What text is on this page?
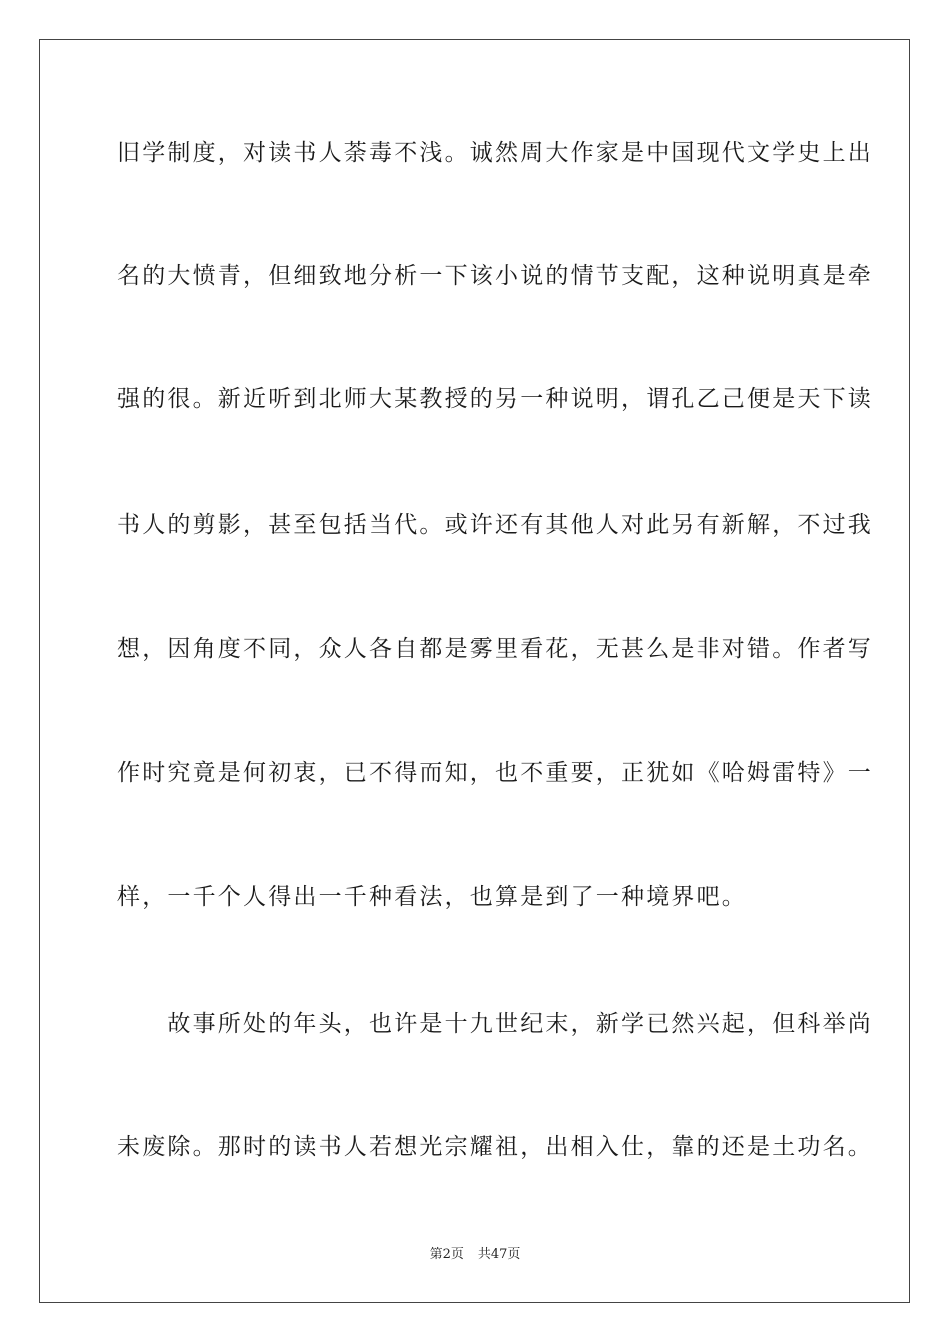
旧学制度，对读书人荼毒不浅。诚然周大作家是中国现代文学史上出
名的大愤青，但细致地分析一下该小说的情节支配，这种说明真是牵
强的很。新近听到北师大某教授的另一种说明，谓孔乙己便是天下读
书人的剪影，甚至包括当代。或许还有其他人对此另有新解，不过我
想，因角度不同，众人各自都是雾里看花，无甚么是非对错。作者写
作时究竟是何初衷，已不得而知，也不重要，正犹如《哈姆雷特》一
样，一千个人得出一千种看法，也算是到了一种境界吧。
　　故事所处的年头，也许是十九世纪末，新学已然兴起，但科举尚
未废除。那时的读书人若想光宗耀祖，出相入仕，靠的还是土功名。
第2页 共47页
